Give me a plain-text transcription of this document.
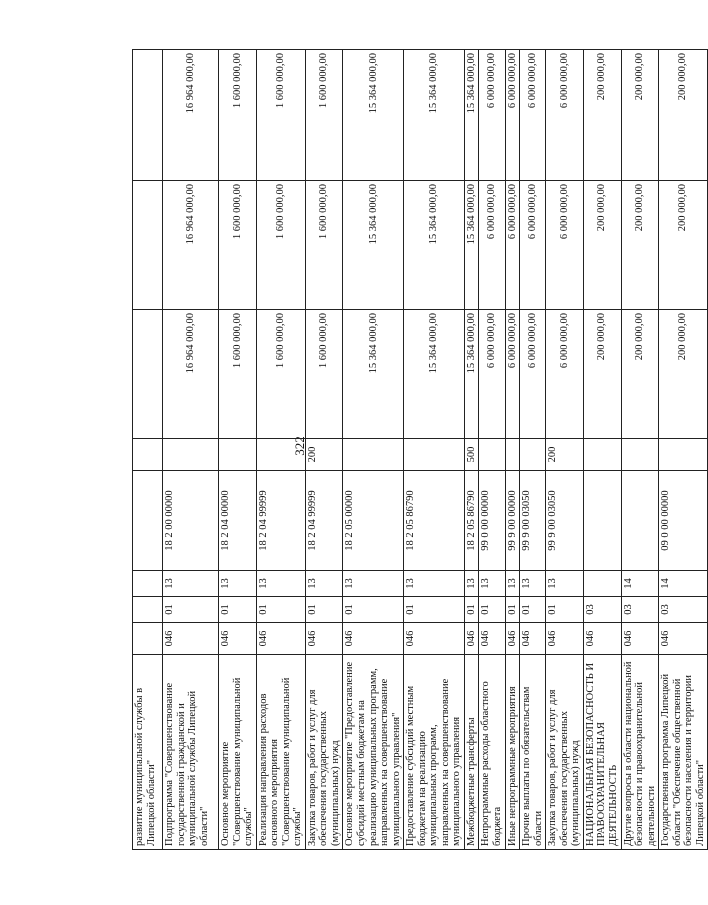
322
развитие муниципальной службы в Липецкой области"								
Подпрограмма "Совершенствование государственной гражданской и муниципальной службы Липецкой области"	046	01	13	18 2 00 00000		16 964 000,00	16 964 000,00	16 964 000,00
Основное мероприятие "Совершенствование муниципальной службы"	046	01	13	18 2 04 00000		1 600 000,00	1 600 000,00	1 600 000,00
Реализация направления расходов основного мероприятия "Совершенствование муниципальной службы"	046	01	13	18 2 04 99999		1 600 000,00	1 600 000,00	1 600 000,00
Закупка товаров, работ и услуг для обеспечения государственных (муниципальных) нужд	046	01	13	18 2 04 99999	200	1 600 000,00	1 600 000,00	1 600 000,00
Основное мероприятие "Предоставление субсидий местным бюджетам на реализацию муниципальных программ, направленных на совершенствование муниципального управления"	046	01	13	18 2 05 00000		15 364 000,00	15 364 000,00	15 364 000,00
Предоставление субсидий местным бюджетам на реализацию муниципальных программ, направленных на совершенствование муниципального управления	046	01	13	18 2 05 86790		15 364 000,00	15 364 000,00	15 364 000,00
Межбюджетные трансферты	046	01	13	18 2 05 86790	500	15 364 000,00	15 364 000,00	15 364 000,00
Непрограммные расходы областного бюджета	046	01	13	99 0 00 00000		6 000 000,00	6 000 000,00	6 000 000,00
Иные непрограммные мероприятия	046	01	13	99 9 00 00000		6 000 000,00	6 000 000,00	6 000 000,00
Прочие выплаты по обязательствам области	046	01	13	99 9 00 03050		6 000 000,00	6 000 000,00	6 000 000,00
Закупка товаров, работ и услуг для обеспечения государственных (муниципальных) нужд	046	01	13	99 9 00 03050	200	6 000 000,00	6 000 000,00	6 000 000,00
НАЦИОНАЛЬНАЯ БЕЗОПАСНОСТЬ И ПРАВООХРАНИТЕЛЬНАЯ ДЕЯТЕЛЬНОСТЬ	046	03				200 000,00	200 000,00	200 000,00
Другие вопросы в области национальной безопасности и правоохранительной деятельности	046	03	14			200 000,00	200 000,00	200 000,00
Государственная программа Липецкой области "Обеспечение общественной безопасности населения и территории Липецкой области"	046	03	14	09 0 00 00000		200 000,00	200 000,00	200 000,00
